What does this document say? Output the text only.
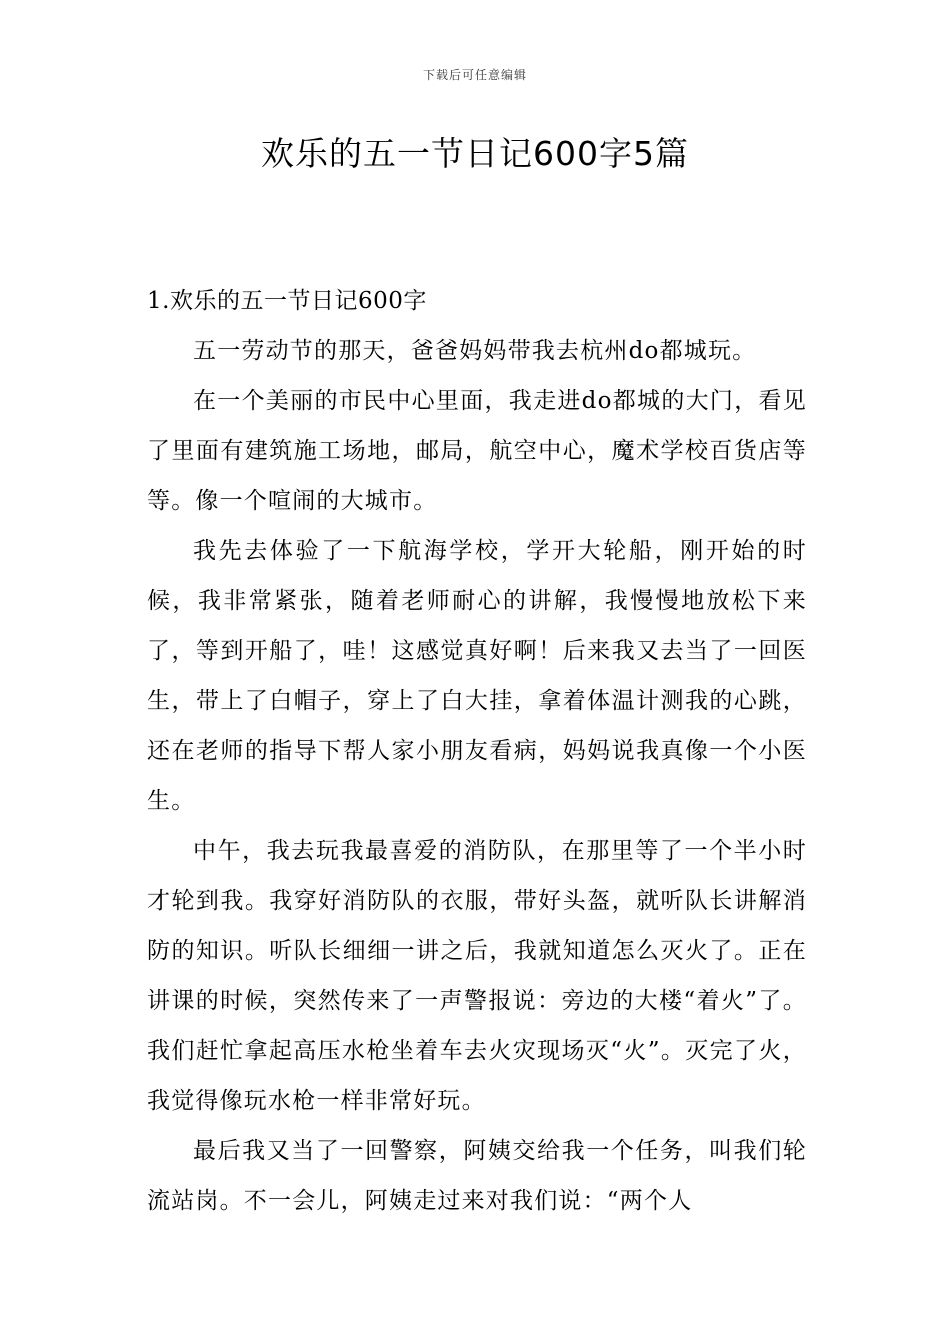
下载后可任意编辑
欢乐的五一节日记600字5篇

1.欢乐的五一节日记600字

五一劳动节的那天，爸爸妈妈带我去杭州do都城玩。

在一个美丽的市民中心里面，我走进do都城的大门，看见了里面有建筑施工场地，邮局，航空中心，魔术学校百货店等等。像一个喧闹的大城市。

我先去体验了一下航海学校，学开大轮船，刚开始的时候，我非常紧张，随着老师耐心的讲解，我慢慢地放松下来了，等到开船了，哇！这感觉真好啊！后来我又去当了一回医生，带上了白帽子，穿上了白大挂，拿着体温计测我的心跳，还在老师的指导下帮人家小朋友看病，妈妈说我真像一个小医生。

中午，我去玩我最喜爱的消防队，在那里等了一个半小时才轮到我。我穿好消防队的衣服，带好头盔，就听队长讲解消防的知识。听队长细细一讲之后，我就知道怎么灭火了。正在讲课的时候，突然传来了一声警报说：旁边的大楼“着火”了。我们赶忙拿起高压水枪坐着车去火灾现场灭“火”。灭完了火，我觉得像玩水枪一样非常好玩。

最后我又当了一回警察，阿姨交给我一个任务，叫我们轮流站岗。不一会儿，阿姨走过来对我们说：“两个人
